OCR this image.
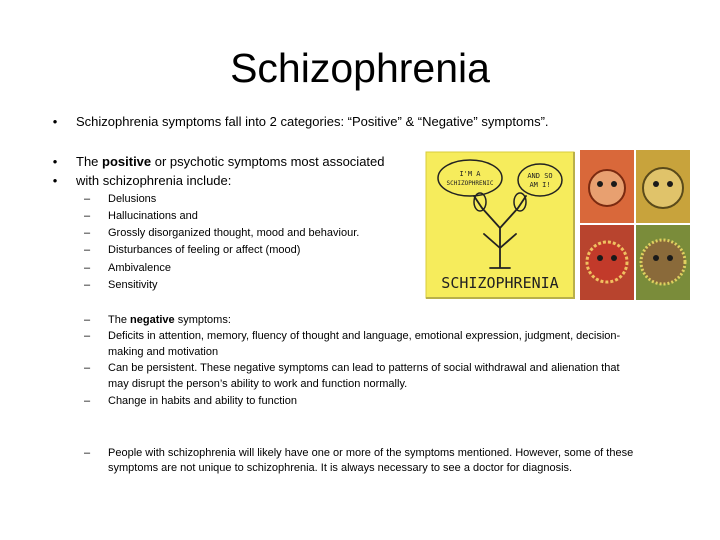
Schizophrenia
• Schizophrenia symptoms fall into 2 categories: “Positive” & “Negative” symptoms”.
• The positive or psychotic symptoms most associated
• with schizophrenia include:
– Delusions
– Hallucinations and
– Grossly disorganized thought, mood and behaviour.
– Disturbances of feeling or affect (mood)
– Ambivalence
– Sensitivity
– The negative symptoms:
– Deficits in attention, memory, fluency of thought and language, emotional expression, judgment, decision-
making and motivation
– Can be persistent. These negative symptoms can lead to patterns of social withdrawal and alienation that
may disrupt the person’s ability to work and function normally.
– Change in habits and ability to function
– People with schizophrenia will likely have one or more of the symptoms mentioned. However, some of these
symptoms are not unique to schizophrenia. It is always necessary to see a doctor for diagnosis.
I'M A
SCHIZOPHRENIC
AND SO
AM I!
SCHIZOPHRENIA
